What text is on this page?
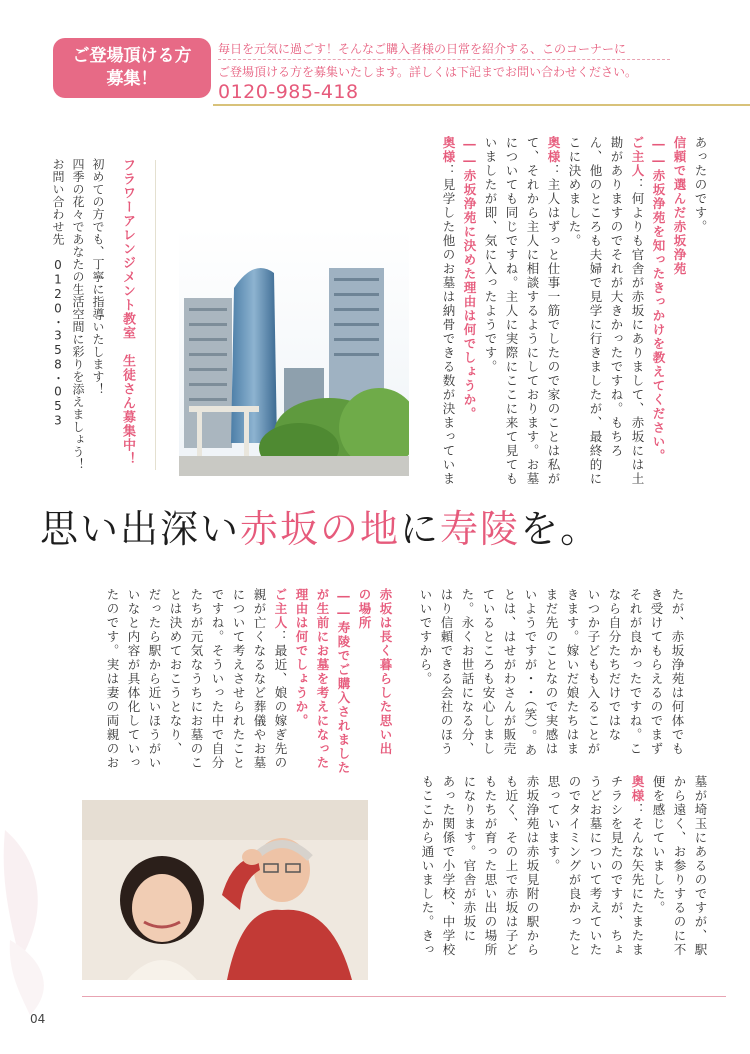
ご登場頂ける方
募集！
毎日を元気に過ごす！そんなご購入者様の日常を紹介する、このコーナーに
ご登場頂ける方を募集いたします。詳しくは下記までお問い合わせください。
0120-985-418
あったのです。
信頼で選んだ赤坂浄苑
――赤坂浄苑を知ったきっかけを教えてください。
ご主人：何よりも官舎が赤坂にありまして、赤坂には土
勘がありますのでそれが大きかったですね。もちろ
ん、他のところも夫婦で見学に行きましたが、最終的に
こに決めました。
奥様：主人はずっと仕事一筋でしたので家のことは私が
て、それから主人に相談するようにしております。お墓
についても同じですね。主人に実際にここに来て見ても
いましたが即、気に入ったようです。
――赤坂浄苑に決めた理由は何でしょうか。
奥様：見学した他のお墓は納骨できる数が決まっていま
フラワーアレンジメント教室　生徒さん募集中！
初めての方でも、丁寧に指導いたします！
四季の花々であなたの生活空間に彩りを添えましょう！
お問い合わせ先　0120・358・053
思い出深い赤坂の地に寿陵を。
墓が埼玉にあるのですが、駅
から遠く、お参りするのに不
便を感じていました。
奥様：そんな矢先にたまたま
チラシを見たのですが、ちょ
うどお墓について考えていた
のでタイミングが良かったと
思っています。
赤坂浄苑は赤坂見附の駅から
も近く、その上で赤坂は子ど
もたちが育った思い出の場所
になります。官舎が赤坂に
あった関係で小学校、中学校
もここから通いました。きっ
たが、赤坂浄苑は何体でも
き受けてもらえるのでまず
それが良かったですね。こ
なら自分たちだけではな
いつか子どもも入ることが
きます。嫁いだ娘たちはま
まだ先のことなので実感は
いようですが・・（笑）。あ
とは、はせがわさんが販売
ているところも安心しまし
た。永くお世話になる分、
はり信頼できる会社のほう
いいですから。
赤坂は長く暮らした思い出
の場所
――寿陵でご購入されました
が生前にお墓を考えになった
理由は何でしょうか。
ご主人：最近、娘の嫁ぎ先の
親が亡くなるなど葬儀やお墓
について考えさせられたこと
ですね。そういった中で自分
たちが元気なうちにお墓のこ
とは決めておこうとなり、
だったら駅から近いほうがい
いなと内容が具体化していっ
たのです。実は妻の両親のお
04
